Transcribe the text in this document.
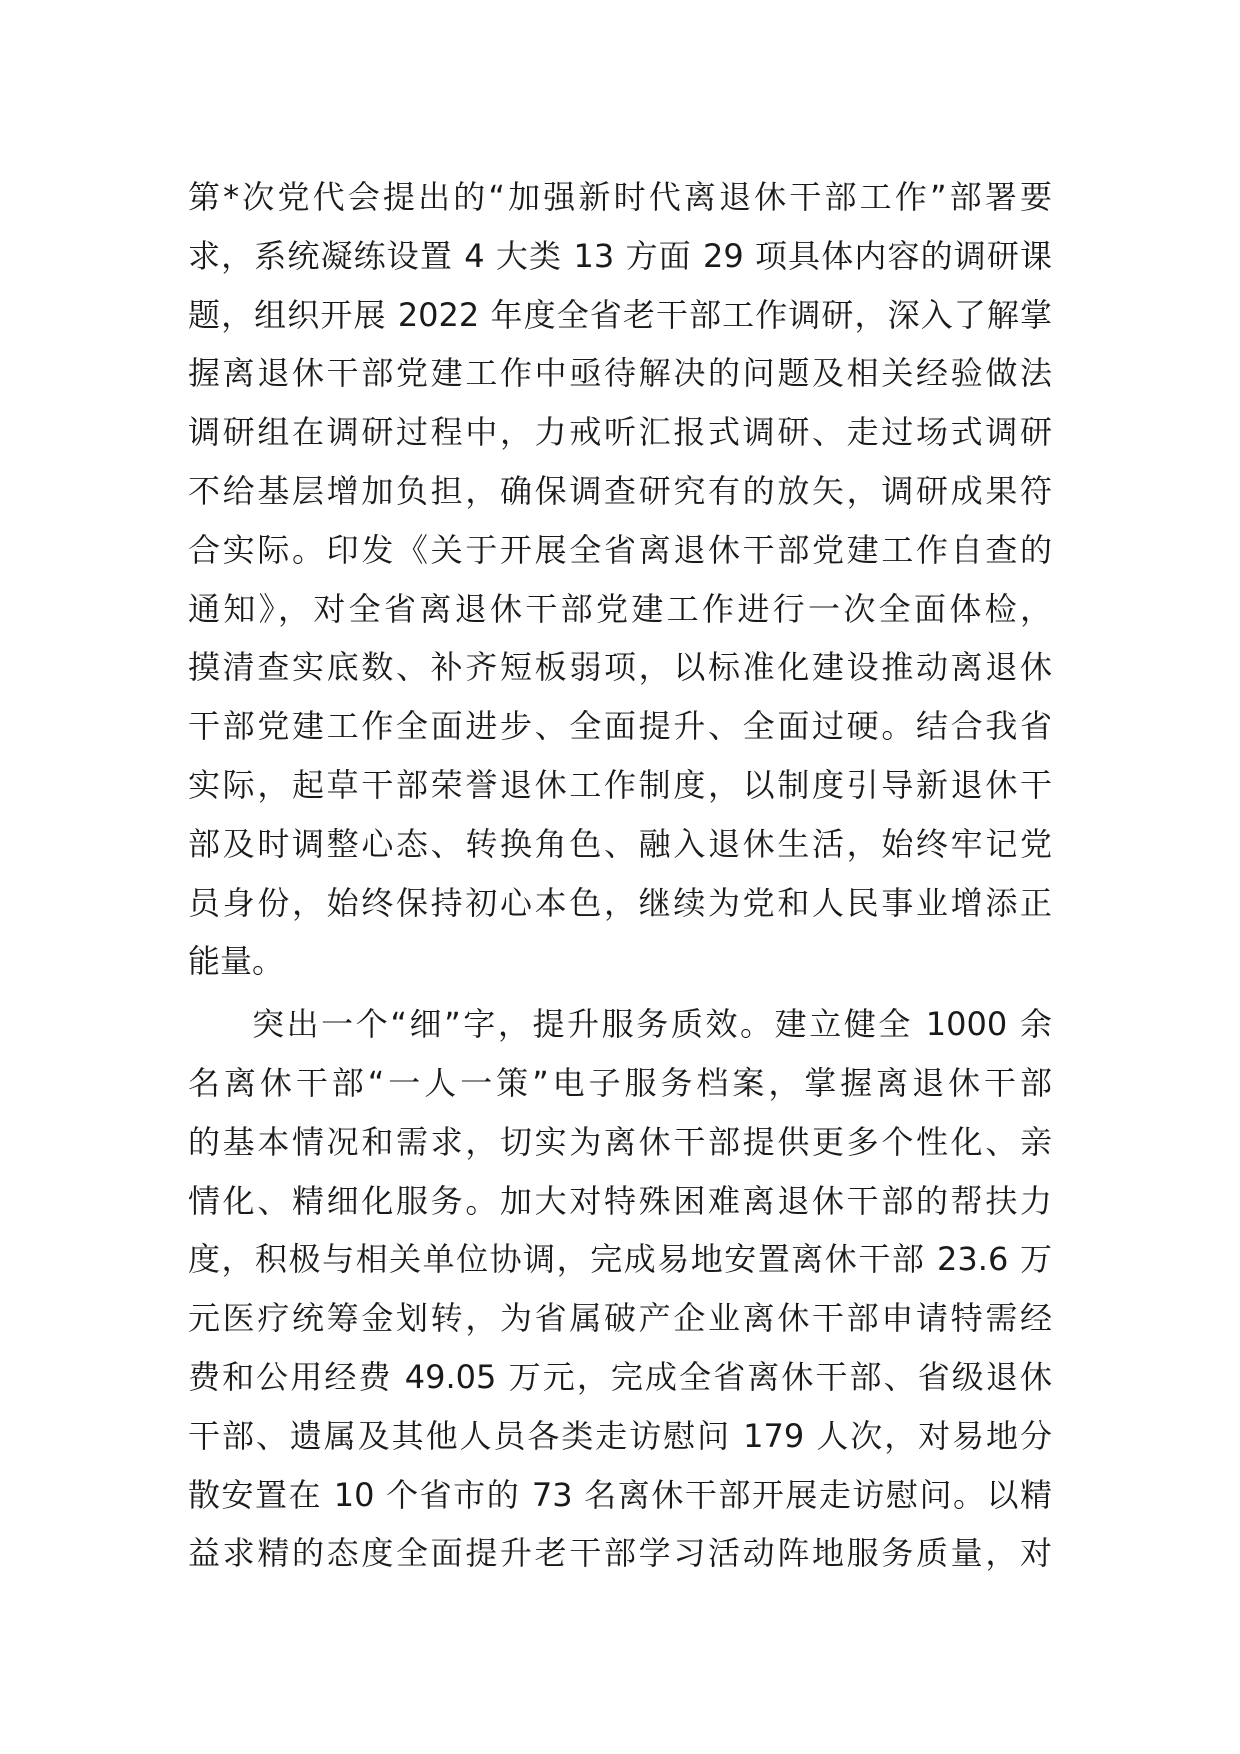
第*次党代会提出的“加强新时代离退休干部工作”部署要
求，系统凝练设置 4 大类 13 方面 29 项具体内容的调研课
题，组织开展 2022 年度全省老干部工作调研，深入了解掌
握离退休干部党建工作中亟待解决的问题及相关经验做法
调研组在调研过程中，力戒听汇报式调研、走过场式调研
不给基层增加负担，确保调查研究有的放矢，调研成果符
合实际。印发《关于开展全省离退休干部党建工作自查的
通知》，对全省离退休干部党建工作进行一次全面体检，
摸清查实底数、补齐短板弱项，以标准化建设推动离退休
干部党建工作全面进步、全面提升、全面过硬。结合我省
实际，起草干部荣誉退休工作制度，以制度引导新退休干
部及时调整心态、转换角色、融入退休生活，始终牢记党
员身份，始终保持初心本色，继续为党和人民事业增添正
能量。
突出一个“细”字，提升服务质效。建立健全 1000 余
名离休干部“一人一策”电子服务档案，掌握离退休干部
的基本情况和需求，切实为离休干部提供更多个性化、亲
情化、精细化服务。加大对特殊困难离退休干部的帮扶力
度，积极与相关单位协调，完成易地安置离休干部 23.6 万
元医疗统筹金划转，为省属破产企业离休干部申请特需经
费和公用经费 49.05 万元，完成全省离休干部、省级退休
干部、遗属及其他人员各类走访慰问 179 人次，对易地分
散安置在 10 个省市的 73 名离休干部开展走访慰问。以精
益求精的态度全面提升老干部学习活动阵地服务质量，对
